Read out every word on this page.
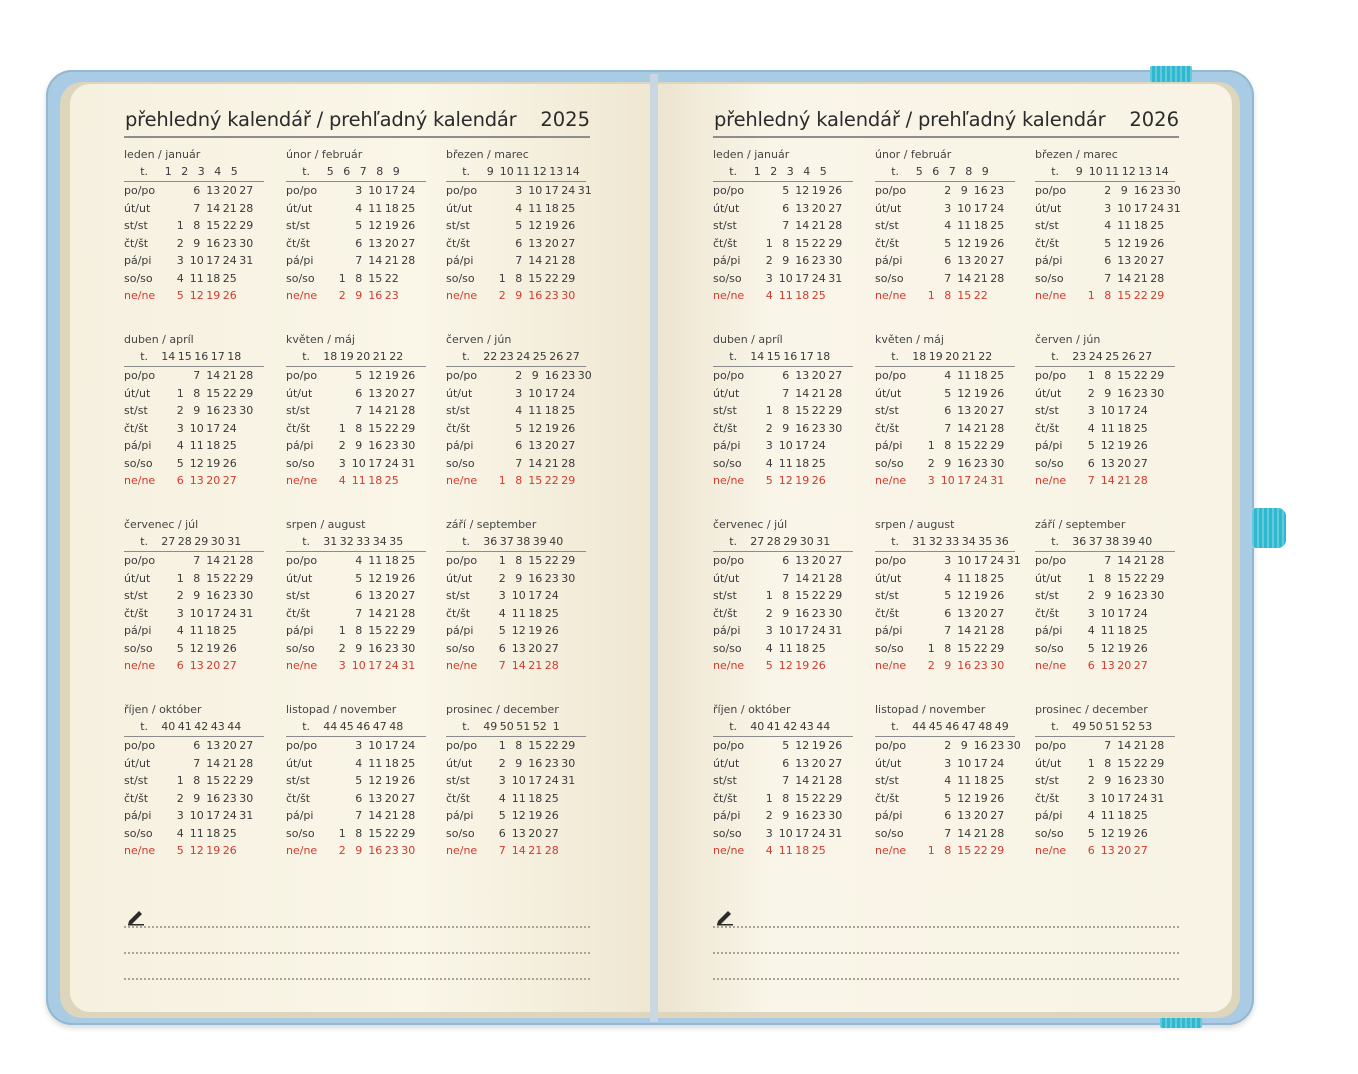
přehledný kalendář / prehľadný kalendár 2025
leden / január
t.	1 2 3 4 5
po/po	6 13 20 27
út/ut	7 14 21 28
st/st	1 8 15 22 29
čt/št	2 9 16 23 30
pá/pi	3 10 17 24 31
so/so	4 11 18 25
ne/ne	5 12 19 26
únor / február
t.	5 6 7 8 9
po/po	3 10 17 24
út/ut	4 11 18 25
st/st	5 12 19 26
čt/št	6 13 20 27
pá/pi	7 14 21 28
so/so	1 8 15 22
ne/ne	2 9 16 23
březen / marec
t.	9 10 11 12 13 14
po/po	3 10 17 24 31
út/ut	4 11 18 25
st/st	5 12 19 26
čt/št	6 13 20 27
pá/pi	7 14 21 28
so/so	1 8 15 22 29
ne/ne	2 9 16 23 30
duben / apríl
t.	14 15 16 17 18
po/po	7 14 21 28
út/ut	1 8 15 22 29
st/st	2 9 16 23 30
čt/št	3 10 17 24
pá/pi	4 11 18 25
so/so	5 12 19 26
ne/ne	6 13 20 27
květen / máj
t.	18 19 20 21 22
po/po	5 12 19 26
út/ut	6 13 20 27
st/st	7 14 21 28
čt/št	1 8 15 22 29
pá/pi	2 9 16 23 30
so/so	3 10 17 24 31
ne/ne	4 11 18 25
červen / jún
t.	22 23 24 25 26 27
po/po	2 9 16 23 30
út/ut	3 10 17 24
st/st	4 11 18 25
čt/št	5 12 19 26
pá/pi	6 13 20 27
so/so	7 14 21 28
ne/ne	1 8 15 22 29
červenec / júl
t.	27 28 29 30 31
po/po	7 14 21 28
út/ut	1 8 15 22 29
st/st	2 9 16 23 30
čt/št	3 10 17 24 31
pá/pi	4 11 18 25
so/so	5 12 19 26
ne/ne	6 13 20 27
srpen / august
t.	31 32 33 34 35
po/po	4 11 18 25
út/ut	5 12 19 26
st/st	6 13 20 27
čt/št	7 14 21 28
pá/pi	1 8 15 22 29
so/so	2 9 16 23 30
ne/ne	3 10 17 24 31
září / september
t.	36 37 38 39 40
po/po	1 8 15 22 29
út/ut	2 9 16 23 30
st/st	3 10 17 24
čt/št	4 11 18 25
pá/pi	5 12 19 26
so/so	6 13 20 27
ne/ne	7 14 21 28
říjen / október
t.	40 41 42 43 44
po/po	6 13 20 27
út/ut	7 14 21 28
st/st	1 8 15 22 29
čt/št	2 9 16 23 30
pá/pi	3 10 17 24 31
so/so	4 11 18 25
ne/ne	5 12 19 26
listopad / november
t.	44 45 46 47 48
po/po	3 10 17 24
út/ut	4 11 18 25
st/st	5 12 19 26
čt/št	6 13 20 27
pá/pi	7 14 21 28
so/so	1 8 15 22 29
ne/ne	2 9 16 23 30
prosinec / december
t.	49 50 51 52 1
po/po	1 8 15 22 29
út/ut	2 9 16 23 30
st/st	3 10 17 24 31
čt/št	4 11 18 25
pá/pi	5 12 19 26
so/so	6 13 20 27
ne/ne	7 14 21 28
přehledný kalendář / prehľadný kalendár 2026
leden / január
t.	1 2 3 4 5
po/po	5 12 19 26
út/ut	6 13 20 27
st/st	7 14 21 28
čt/št	1 8 15 22 29
pá/pi	2 9 16 23 30
so/so	3 10 17 24 31
ne/ne	4 11 18 25
únor / február
t.	5 6 7 8 9
po/po	2 9 16 23
út/ut	3 10 17 24
st/st	4 11 18 25
čt/št	5 12 19 26
pá/pi	6 13 20 27
so/so	7 14 21 28
ne/ne	1 8 15 22
březen / marec
t.	9 10 11 12 13 14
po/po	2 9 16 23 30
út/ut	3 10 17 24 31
st/st	4 11 18 25
čt/št	5 12 19 26
pá/pi	6 13 20 27
so/so	7 14 21 28
ne/ne	1 8 15 22 29
duben / apríl
t.	14 15 16 17 18
po/po	6 13 20 27
út/ut	7 14 21 28
st/st	1 8 15 22 29
čt/št	2 9 16 23 30
pá/pi	3 10 17 24
so/so	4 11 18 25
ne/ne	5 12 19 26
květen / máj
t.	18 19 20 21 22
po/po	4 11 18 25
út/ut	5 12 19 26
st/st	6 13 20 27
čt/št	7 14 21 28
pá/pi	1 8 15 22 29
so/so	2 9 16 23 30
ne/ne	3 10 17 24 31
červen / jún
t.	23 24 25 26 27
po/po	1 8 15 22 29
út/ut	2 9 16 23 30
st/st	3 10 17 24
čt/št	4 11 18 25
pá/pi	5 12 19 26
so/so	6 13 20 27
ne/ne	7 14 21 28
červenec / júl
t.	27 28 29 30 31
po/po	6 13 20 27
út/ut	7 14 21 28
st/st	1 8 15 22 29
čt/št	2 9 16 23 30
pá/pi	3 10 17 24 31
so/so	4 11 18 25
ne/ne	5 12 19 26
srpen / august
t.	31 32 33 34 35 36
po/po	3 10 17 24 31
út/ut	4 11 18 25
st/st	5 12 19 26
čt/št	6 13 20 27
pá/pi	7 14 21 28
so/so	1 8 15 22 29
ne/ne	2 9 16 23 30
září / september
t.	36 37 38 39 40
po/po	7 14 21 28
út/ut	1 8 15 22 29
st/st	2 9 16 23 30
čt/št	3 10 17 24
pá/pi	4 11 18 25
so/so	5 12 19 26
ne/ne	6 13 20 27
říjen / október
t.	40 41 42 43 44
po/po	5 12 19 26
út/ut	6 13 20 27
st/st	7 14 21 28
čt/št	1 8 15 22 29
pá/pi	2 9 16 23 30
so/so	3 10 17 24 31
ne/ne	4 11 18 25
listopad / november
t.	44 45 46 47 48 49
po/po	2 9 16 23 30
út/ut	3 10 17 24
st/st	4 11 18 25
čt/št	5 12 19 26
pá/pi	6 13 20 27
so/so	7 14 21 28
ne/ne	1 8 15 22 29
prosinec / december
t.	49 50 51 52 53
po/po	7 14 21 28
út/ut	1 8 15 22 29
st/st	2 9 16 23 30
čt/št	3 10 17 24 31
pá/pi	4 11 18 25
so/so	5 12 19 26
ne/ne	6 13 20 27
